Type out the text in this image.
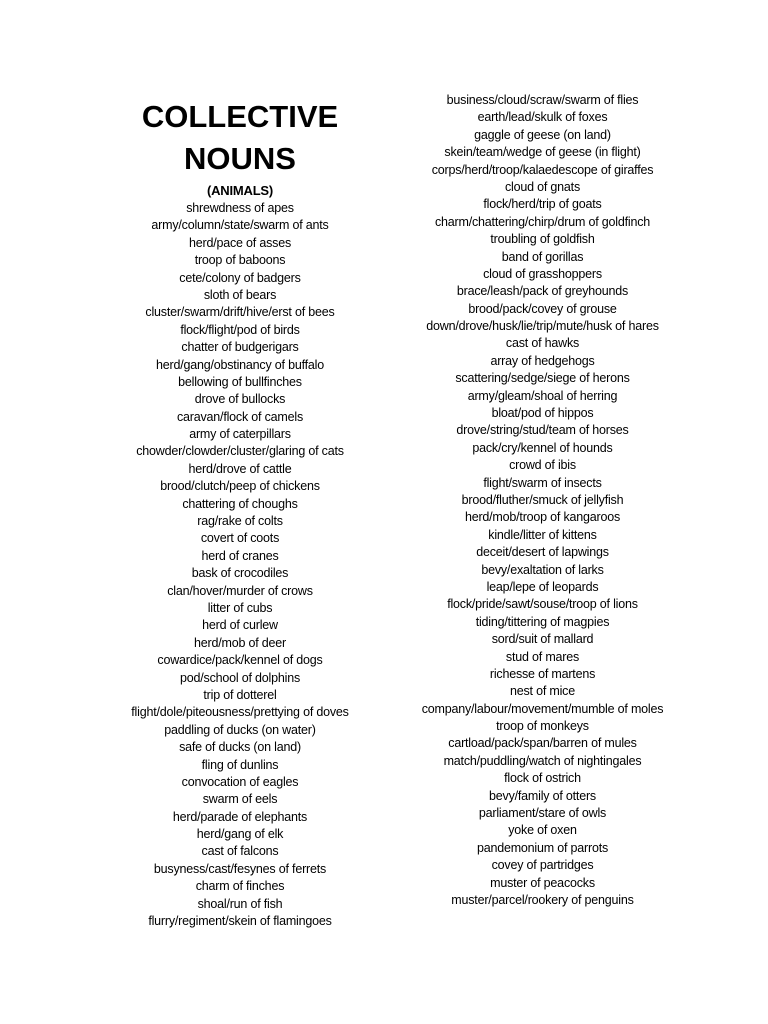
COLLECTIVE
NOUNS
(ANIMALS)
shrewdness of apes
army/column/state/swarm of ants
herd/pace of asses
troop of baboons
cete/colony of badgers
sloth of bears
cluster/swarm/drift/hive/erst of bees
flock/flight/pod of birds
chatter of budgerigars
herd/gang/obstinancy of buffalo
bellowing of bullfinches
drove of bullocks
caravan/flock of camels
army of caterpillars
chowder/clowder/cluster/glaring of cats
herd/drove of cattle
brood/clutch/peep of chickens
chattering of choughs
rag/rake of colts
covert of coots
herd of cranes
bask of crocodiles
clan/hover/murder of crows
litter of cubs
herd of curlew
herd/mob of deer
cowardice/pack/kennel of dogs
pod/school of dolphins
trip of dotterel
flight/dole/piteousness/prettying of doves
paddling of ducks (on water)
safe of ducks (on land)
fling of dunlins
convocation of eagles
swarm of eels
herd/parade of elephants
herd/gang of elk
cast of falcons
busyness/cast/fesynes of ferrets
charm of finches
shoal/run of fish
flurry/regiment/skein of flamingoes
business/cloud/scraw/swarm of flies
earth/lead/skulk of foxes
gaggle of geese (on land)
skein/team/wedge of geese (in flight)
corps/herd/troop/kalaedescope of giraffes
cloud of gnats
flock/herd/trip of goats
charm/chattering/chirp/drum of goldfinch
troubling of goldfish
band of gorillas
cloud of grasshoppers
brace/leash/pack of greyhounds
brood/pack/covey of grouse
down/drove/husk/lie/trip/mute/husk of hares
cast of hawks
array of hedgehogs
scattering/sedge/siege of herons
army/gleam/shoal of herring
bloat/pod of hippos
drove/string/stud/team of horses
pack/cry/kennel of hounds
crowd of ibis
flight/swarm of insects
brood/fluther/smuck of jellyfish
herd/mob/troop of kangaroos
kindle/litter of kittens
deceit/desert of lapwings
bevy/exaltation of larks
leap/lepe of leopards
flock/pride/sawt/souse/troop of lions
tiding/tittering of magpies
sord/suit of mallard
stud of mares
richesse of martens
nest of mice
company/labour/movement/mumble of moles
troop of monkeys
cartload/pack/span/barren of mules
match/puddling/watch of nightingales
flock of ostrich
bevy/family of otters
parliament/stare of owls
yoke of oxen
pandemonium of parrots
covey of partridges
muster of peacocks
muster/parcel/rookery of penguins
